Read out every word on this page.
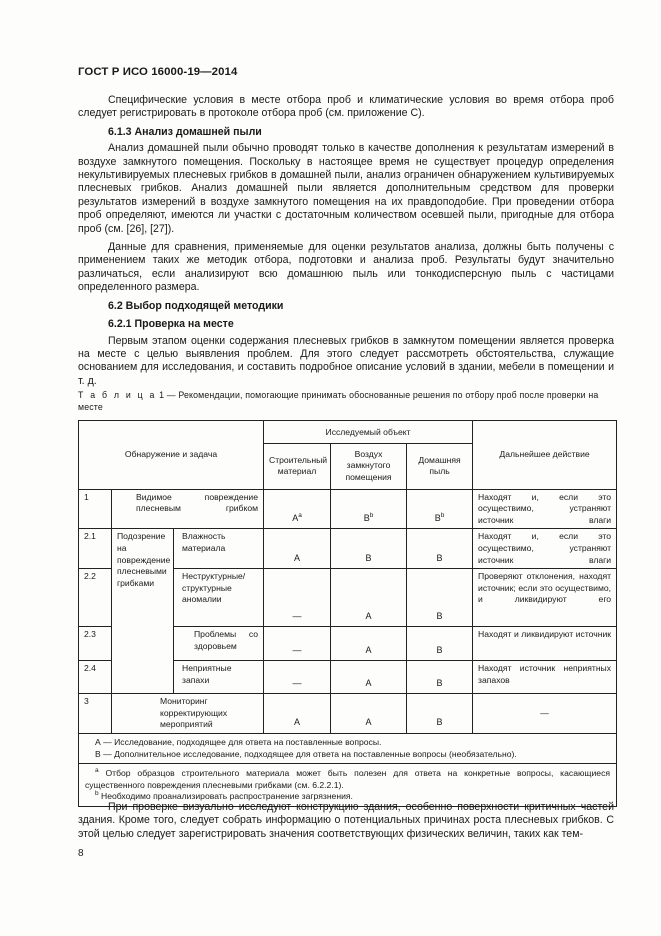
ГОСТ Р ИСО 16000-19—2014

Специфические условия в месте отбора проб и климатические условия во время отбора проб следует регистрировать в протоколе отбора проб (см. приложение С).

6.1.3 Анализ домашней пыли

Анализ домашней пыли обычно проводят только в качестве дополнения к результатам измерений в воздухе замкнутого помещения. Поскольку в настоящее время не существует процедур определения некультивируемых плесневых грибков в домашней пыли, анализ ограничен обнаружением культивируемых плесневых грибков. Анализ домашней пыли является дополнительным средством для проверки результатов измерений в воздухе замкнутого помещения на их правдоподобие. При проведении отбора проб определяют, имеются ли участки с достаточным количеством осевшей пыли, пригодные для отбора проб (см. [26], [27]).

Данные для сравнения, применяемые для оценки результатов анализа, должны быть получены с применением таких же методик отбора, подготовки и анализа проб. Результаты будут значительно различаться, если анализируют всю домашнюю пыль или тонкодисперсную пыль с частицами определенного размера.

6.2 Выбор подходящей методики
6.2.1 Проверка на месте

Первым этапом оценки содержания плесневых грибков в замкнутом помещении является проверка на месте с целью выявления проблем. Для этого следует рассмотреть обстоятельства, служащие основанием для исследования, и составить подробное описание условий в здании, мебели в помещении и т. д.

Т а б л и ц а 1 — Рекомендации, помогающие принимать обоснованные решения по отбору проб после проверки на месте
Обнаружение и задача			Исследуемый объект			Дальнейшее действие
			Строительный материал	Воздух замкнутого помещения	Домашняя пыль	
1	Видимое повреждение плесневым грибком		$A^a$	$B^b$	$B^b$	Находят и, если это осуществимо, устраняют источник влаги
2.1	Подозрение на повреждение плесневыми грибками	Влажность материала	A	B	B	Находят и, если это осуществимо, устраняют источник влаги
2.2		Неструктурные/структурные аномалии	—	A	B	Проверяют отклонения, находят источник; если это осуществимо, и ликвидируют его
2.3		Проблемы со здоровьем	—	A	B	Находят и ликвидируют источник
2.4		Неприятные запахи	—	A	B	Находят источник неприятных запахов
3	Мониторинг корректирующих мероприятий		A	A	B	—

А — Исследование, подходящее для ответа на поставленные вопросы.
В — Дополнительное исследование, подходящее для ответа на поставленные вопросы (необязательно).						

$^a$ Отбор образцов строительного материала может быть полезен для ответа на конкретные вопросы, касающиеся существенного повреждения плесневыми грибками (см. 6.2.2.1).
$^b$ Необходимо проанализировать распространение загрязнения.						

При проверке визуально исследуют конструкцию здания, особенно поверхности критичных частей здания. Кроме того, следует собрать информацию о потенциальных причинах роста плесневых грибков. С этой целью следует зарегистрировать значения соответствующих физических величин, таких как тем-

8
